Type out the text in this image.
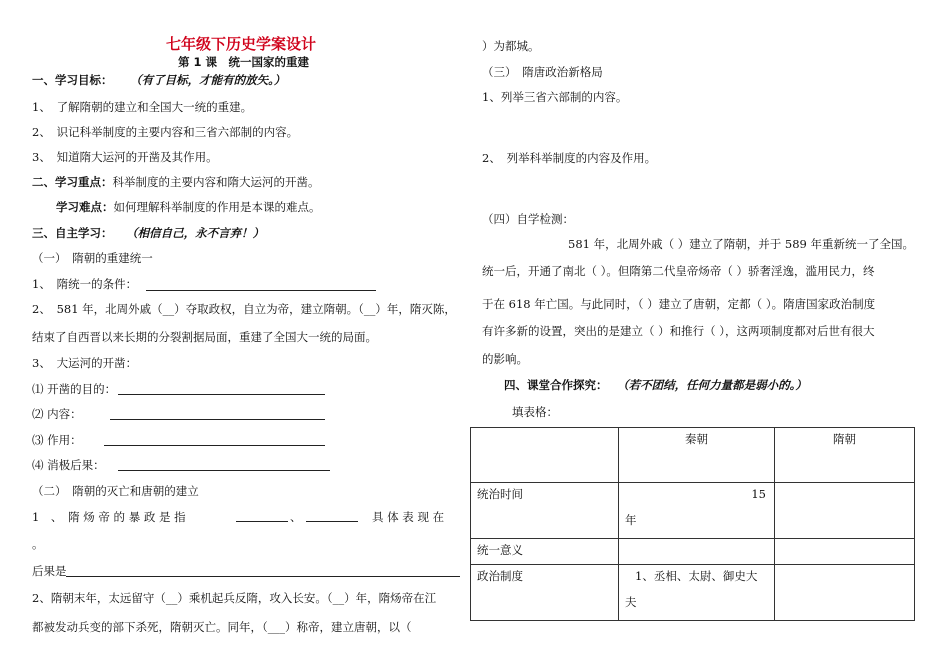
七年级下历史学案设计
第 1 课　统一国家的重建
一、学习目标： （有了目标，才能有的放矢。）
1、　了解隋朝的建立和全国大一统的重建。
2、　识记科举制度的主要内容和三省六部制的内容。
3、　知道隋大运河的开凿及其作用。
二、学习重点：科举制度的主要内容和隋大运河的开凿。
学习难点：如何理解科举制度的作用是本课的难点。
三、自主学习： （相信自己，永不言弃！）
（一）　隋朝的重建统一
1、　隋统一的条件：
2、　581 年，北周外戚（__）夺取政权，自立为帝，建立隋朝。（__）年，隋灭陈，
结束了自西晋以来长期的分裂割据局面，重建了全国大一统的局面。
3、　大运河的开凿：
⑴ 开凿的目的：
⑵ 内容：
⑶ 作用：
⑷ 消极后果：
（二）　隋朝的灭亡和唐朝的建立
1　、　隋 炀 帝 的 暴 政 是 指	、	具 体 表 现 在
。
后果是
2、隋朝末年，太远留守（__）乘机起兵反隋，攻入长安。（__）年，隋炀帝在江
都被发动兵变的部下杀死，隋朝灭亡。同年，（___）称帝，建立唐朝，以（
）为都城。
（三）　隋唐政治新格局
1、列举三省六部制的内容。
2、　列举科举制度的内容及作用。
（四）自学检测：
581 年，北周外戚（ ）建立了隋朝，并于 589 年重新统一了全国。
统一后，开通了南北（ ）。但隋第二代皇帝炀帝（ ）骄奢淫逸，滥用民力，终
于在 618 年亡国。与此同时，（ ）建立了唐朝，定都（ ）。隋唐国家政治制度
有许多新的设置，突出的是建立（ ）和推行（ ），这两项制度都对后世有很大
的影响。
四、课堂合作探究： （若不团结，任何力量都是弱小的。）
填表格：
	秦朝	隋朝
统治时间	15
年	

统一意义		
政治制度	1、丞相、太尉、御史大
夫	
